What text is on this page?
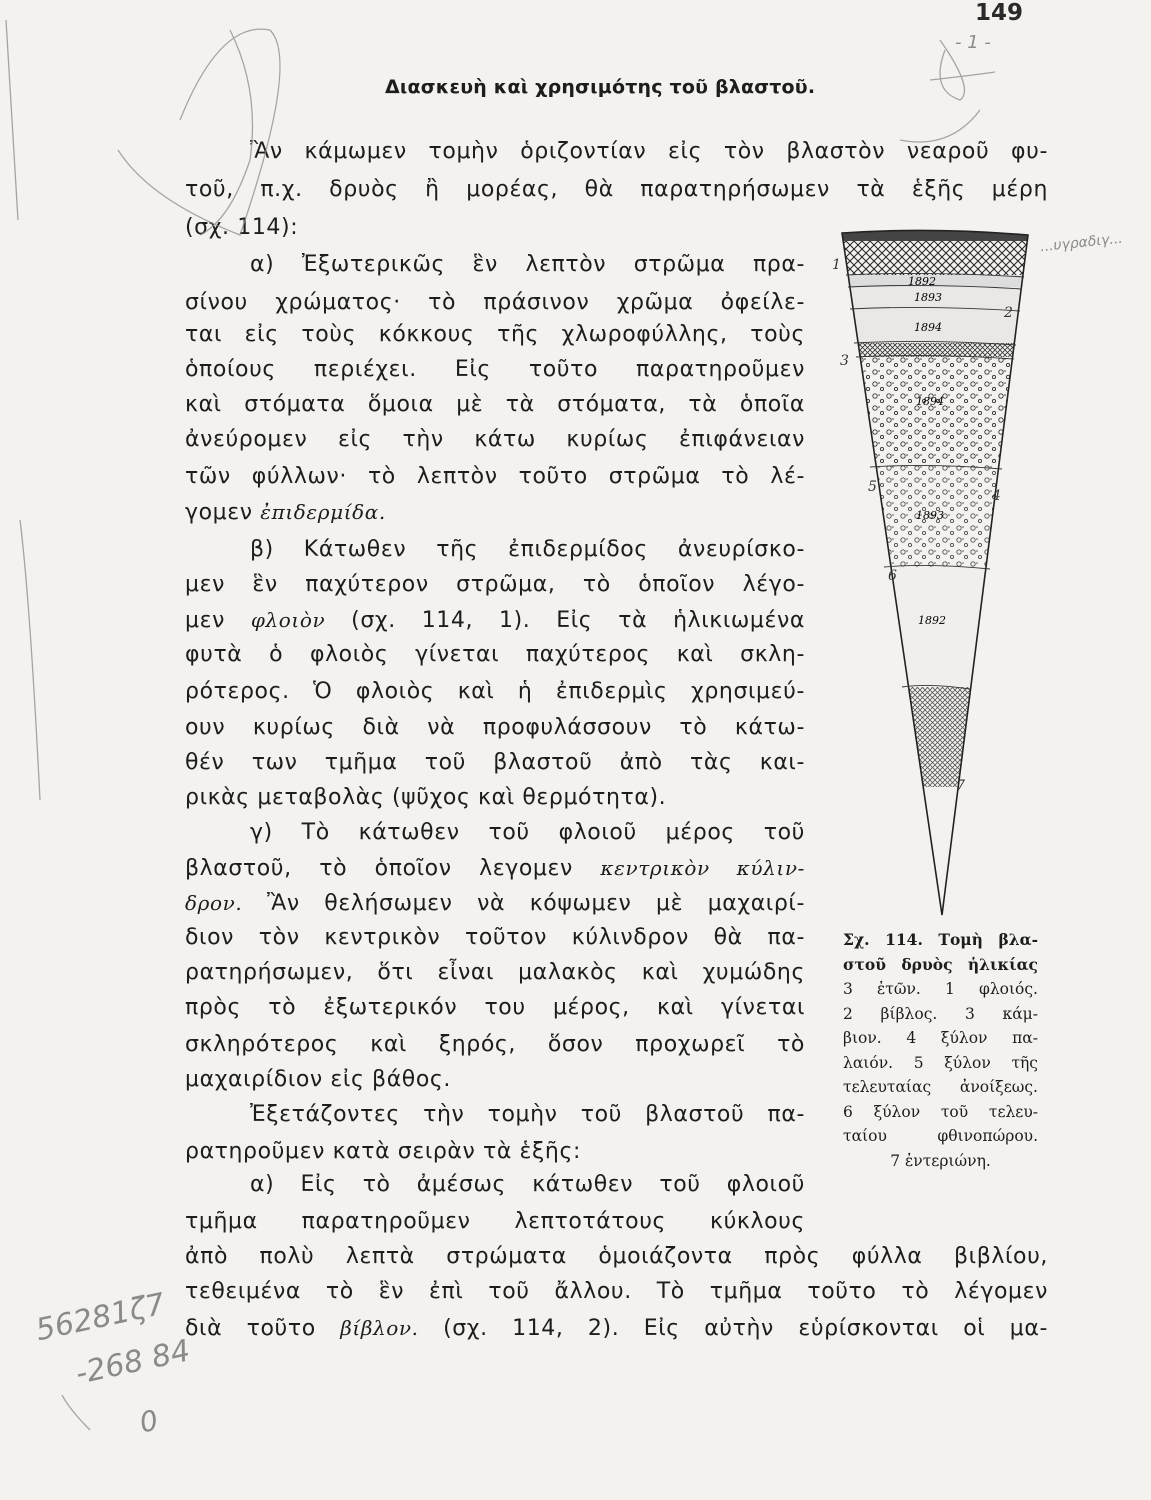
149
Διασκευὴ καὶ χρησιμότης τοῦ βλαστοῦ.
Ἂν κάμωμεν τομὴν ὁριζοντίαν εἰς τὸν βλαστὸν νεαροῦ φυ-
τοῦ, π.χ. δρυὸς ἢ μορέας, θὰ παρατηρήσωμεν τὰ ἑξῆς μέρη
(σχ. 114):
α) Ἐξωτερικῶς ἓν λεπτὸν στρῶμα πρα-
σίνου χρώματος· τὸ πράσινον χρῶμα ὀφείλε-
ται εἰς τοὺς κόκκους τῆς χλωροφύλλης, τοὺς
ὁποίους περιέχει. Εἰς τοῦτο παρατηροῦμεν
καὶ στόματα ὅμοια μὲ τὰ στόματα, τὰ ὁποῖα
ἀνεύρομεν εἰς τὴν κάτω κυρίως ἐπιφάνειαν
τῶν φύλλων· τὸ λεπτὸν τοῦτο στρῶμα τὸ λέ-
γομεν ἐπιδερμίδα.
β) Κάτωθεν τῆς ἐπιδερμίδος ἀνευρίσκο-
μεν ἓν παχύτερον στρῶμα, τὸ ὁποῖον λέγο-
μεν φλοιὸν (σχ. 114, 1). Εἰς τὰ ἡλικιωμένα
φυτὰ ὁ φλοιὸς γίνεται παχύτερος καὶ σκλη-
ρότερος. Ὁ φλοιὸς καὶ ἡ ἐπιδερμὶς χρησιμεύ-
ουν κυρίως διὰ νὰ προφυλάσσουν τὸ κάτω-
θέν των τμῆμα τοῦ βλαστοῦ ἀπὸ τὰς και-
ρικὰς μεταβολὰς (ψῦχος καὶ θερμότητα).
γ) Τὸ κάτωθεν τοῦ φλοιοῦ μέρος τοῦ
βλαστοῦ, τὸ ὁποῖον λεγομεν κεντρικὸν κύλιν-
δρον. Ἂν θελήσωμεν νὰ κόψωμεν μὲ μαχαιρί-
διον τὸν κεντρικὸν τοῦτον κύλινδρον θὰ πα-
ρατηρήσωμεν, ὅτι εἶναι μαλακὸς καὶ χυμώδης
πρὸς τὸ ἐξωτερικόν του μέρος, καὶ γίνεται
σκληρότερος καὶ ξηρός, ὅσον προχωρεῖ τὸ
μαχαιρίδιον εἰς βάθος.
Ἐξετάζοντες τὴν τομὴν τοῦ βλαστοῦ πα-
ρατηροῦμεν κατὰ σειρὰν τὰ ἑξῆς:
α) Εἰς τὸ ἀμέσως κάτωθεν τοῦ φλοιοῦ
τμῆμα παρατηροῦμεν λεπτοτάτους κύκλους
ἀπὸ πολὺ λεπτὰ στρώματα ὁμοιάζοντα πρὸς φύλλα βιβλίου,
τεθειμένα τὸ ἓν ἐπὶ τοῦ ἄλλου. Τὸ τμῆμα τοῦτο τὸ λέγομεν
διὰ τοῦτο βίβλον. (σχ. 114, 2). Εἰς αὐτὴν εὑρίσκονται οἱ μα-
1892
1893
1894
1894
1893
1892
1
2
3
4
5
6
7
Σχ. 114. Τομὴ βλα-
στοῦ δρυὸς ἡλικίας
3 ἐτῶν. 1 φλοιός.
2 βίβλος. 3 κάμ-
βιον. 4 ξύλον πα-
λαιόν. 5 ξύλον τῆς
τελευταίας ἀνοίξεως.
6 ξύλον τοῦ τελευ-
ταίου φθινοπώρου.
7 ἐντεριώνη.
- 1 -
...υγραδιγ...
56281ζ7
-268 84
0
